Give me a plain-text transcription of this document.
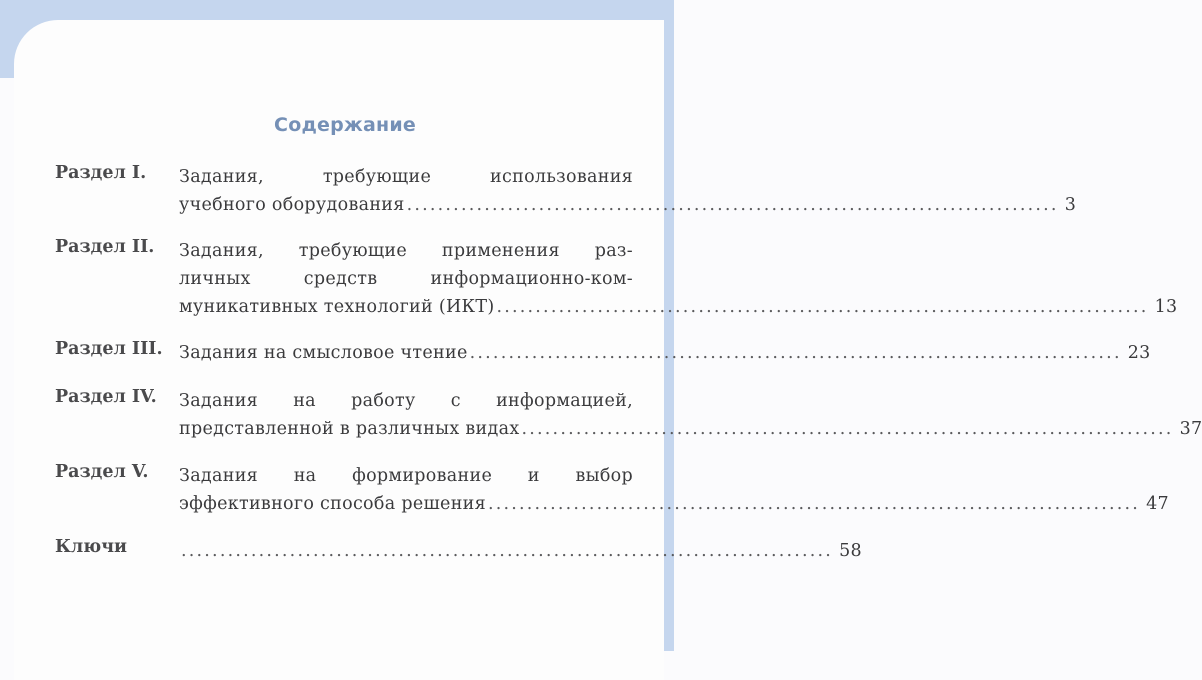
Содержание
Раздел I. Задания, требующие использования
учебного оборудования .................................................................................... 3
Раздел II. Задания, требующие применения раз-
личных средств информационно-ком-
муникативных технологий (ИКТ) .................................................................................... 13
Раздел III. Задания на смысловое чтение .................................................................................... 23
Раздел IV. Задания на работу с информацией,
представленной в различных видах .................................................................................... 37
Раздел V. Задания на формирование и выбор
эффективного способа решения .................................................................................... 47
Ключи	.................................................................................... 58
